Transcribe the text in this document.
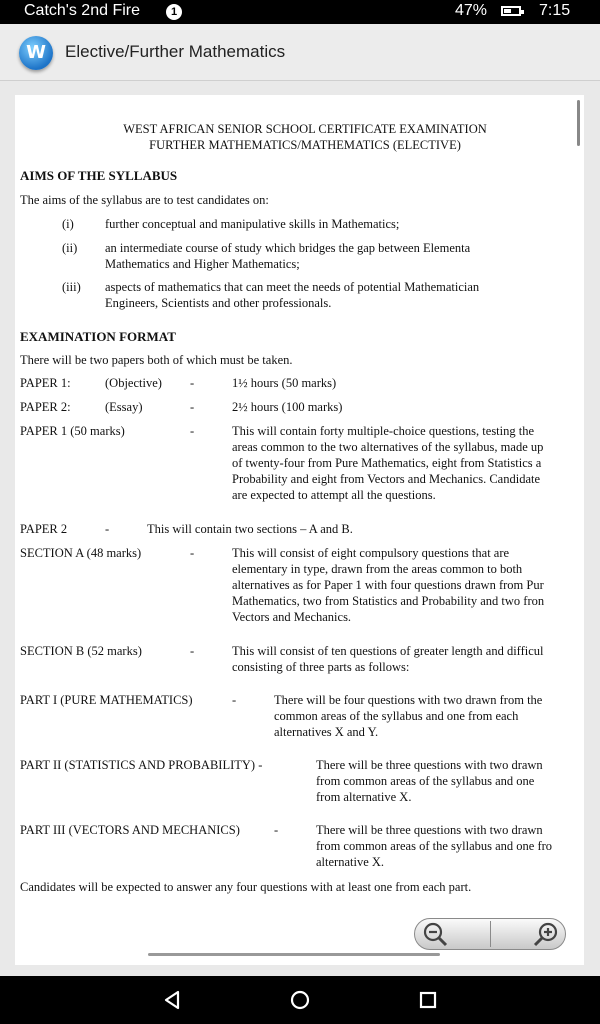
Catch's 2nd Fire	1	47%	7:15
W	Elective/Further Mathematics
WEST AFRICAN SENIOR SCHOOL CERTIFICATE EXAMINATION
FURTHER MATHEMATICS/MATHEMATICS (ELECTIVE)
AIMS OF THE SYLLABUS
The aims of the syllabus are to test candidates on:
(i) further conceptual and manipulative skills in Mathematics;
(ii) an intermediate course of study which bridges the gap between Elementa
Mathematics and Higher Mathematics;
(iii) aspects of mathematics that can meet the needs of potential Mathematician
Engineers, Scientists and other professionals.
EXAMINATION FORMAT
There will be two papers both of which must be taken.
PAPER 1:	(Objective) -	1½ hours (50 marks)
PAPER 2:	(Essay)	-	2½ hours (100 marks)
PAPER 1 (50 marks)	-	This will contain forty multiple-choice questions, testing the
areas common to the two alternatives of the syllabus, made up
of twenty-four from Pure Mathematics, eight from Statistics a
Probability and eight from Vectors and Mechanics. Candidate
are expected to attempt all the questions.
PAPER 2	-	This will contain two sections – A and B.
SECTION A (48 marks)	-	This will consist of eight compulsory questions that are
elementary in type, drawn from the areas common to both
alternatives as for Paper 1 with four questions drawn from Pur
Mathematics, two from Statistics and Probability and two fron
Vectors and Mechanics.
SECTION B (52 marks)	-	This will consist of ten questions of greater length and difficul
consisting of three parts as follows:
PART I (PURE MATHEMATICS)	-	There will be four questions with two drawn from the
common areas of the syllabus and one from each
alternatives X and Y.
PART II (STATISTICS AND PROBABILITY) -	There will be three questions with two drawn
from common areas of the syllabus and one
from alternative X.
PART III (VECTORS AND MECHANICS)	-	There will be three questions with two drawn
from common areas of the syllabus and one fro
alternative X.
Candidates will be expected to answer any four questions with at least one from each part.
